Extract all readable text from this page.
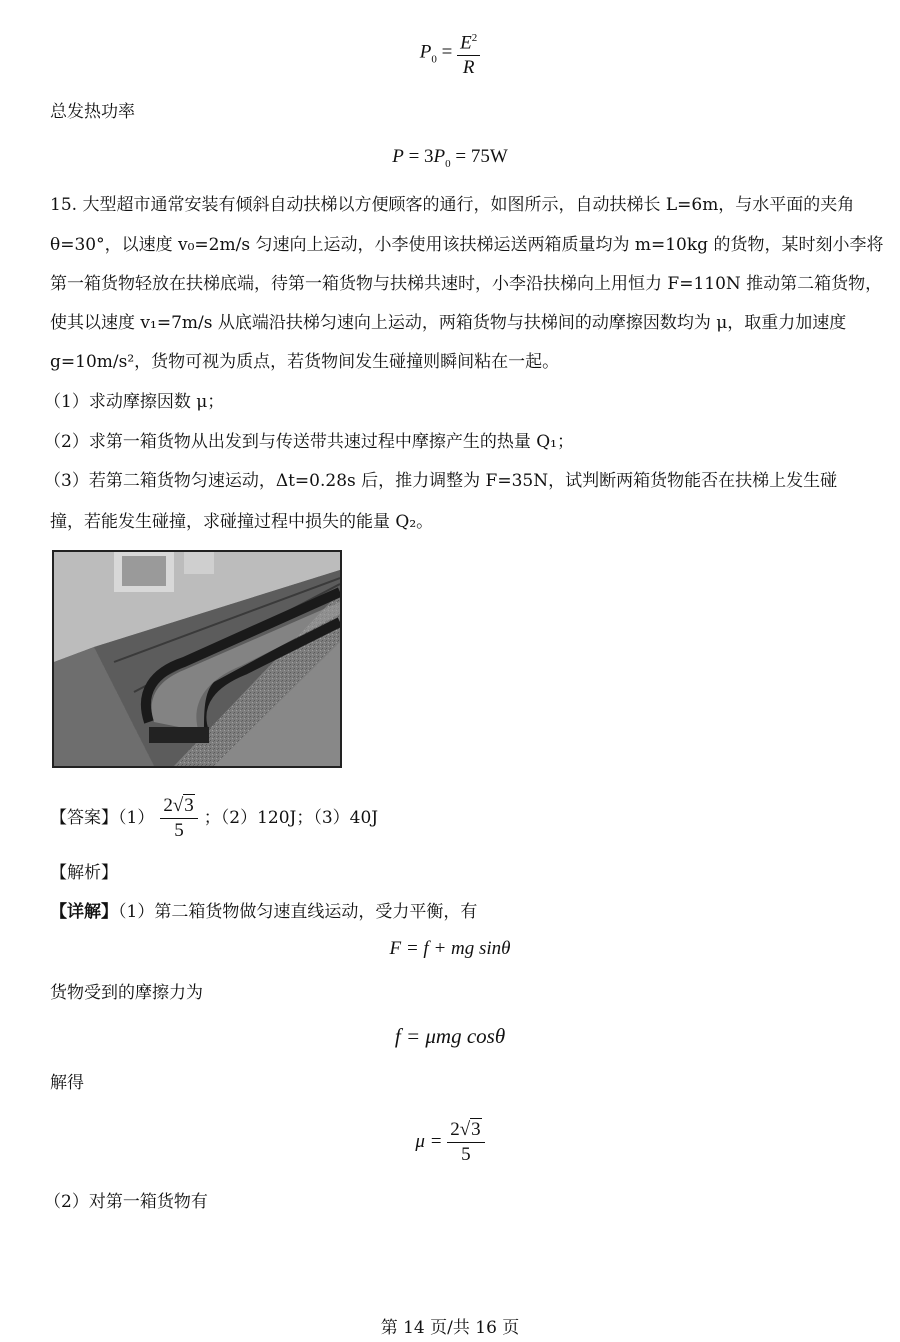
$P_0 = \frac{E^2}{R}$
总发热功率
$P = 3P_0 = 75W$
15. 大型超市通常安装有倾斜自动扶梯以方便顾客的通行，如图所示，自动扶梯长 L=6m，与水平面的夹角
θ=30°，以速度 v₀=2m/s 匀速向上运动，小李使用该扶梯运送两箱质量均为 m=10kg 的货物，某时刻小李将
第一箱货物轻放在扶梯底端，待第一箱货物与扶梯共速时，小李沿扶梯向上用恒力 F=110N 推动第二箱货物，
使其以速度 v₁=7m/s 从底端沿扶梯匀速向上运动，两箱货物与扶梯间的动摩擦因数均为 μ，取重力加速度
g=10m/s²，货物可视为质点，若货物间发生碰撞则瞬间粘在一起。
（1）求动摩擦因数 μ；
（2）求第一箱货物从出发到与传送带共速过程中摩擦产生的热量 Q₁；
（3）若第二箱货物匀速运动，Δt=0.28s 后，推力调整为 F=35N，试判断两箱货物能否在扶梯上发生碰
撞，若能发生碰撞，求碰撞过程中损失的能量 Q₂。
【答案】$(1) \frac{2√3}{5}$ ；（2）120J；（3）40J
【解析】
【详解】（1）第二箱货物做匀速直线运动，受力平衡，有
F = f + mg sinθ
货物受到的摩擦力为
f = μmg cosθ
解得
$\mu = \frac{2√3}{5}$
（2）对第一箱货物有
第 14 页/共 16 页
